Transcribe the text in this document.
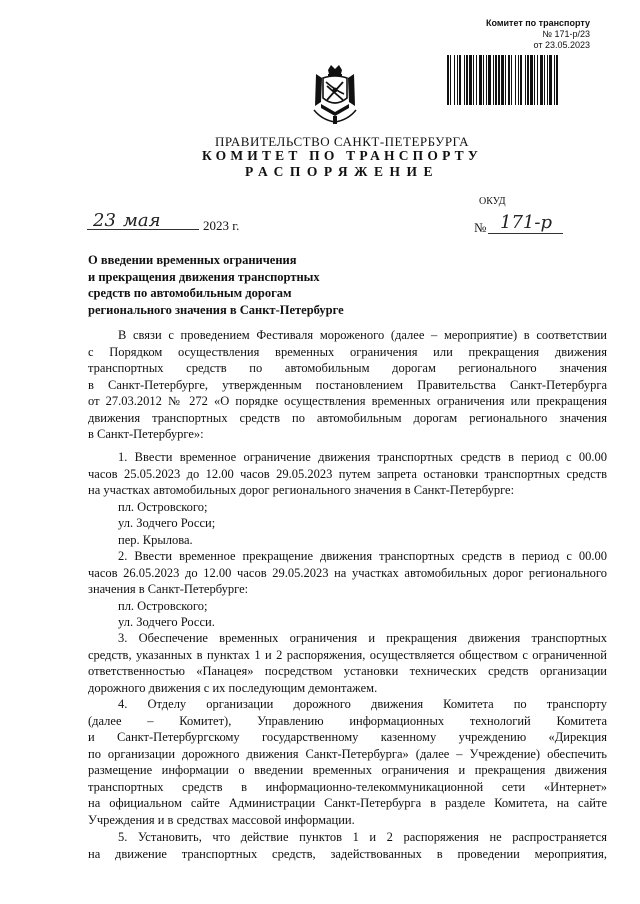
Комитет по транспорту
№ 171-р/23
от 23.05.2023
ПРАВИТЕЛЬСТВО САНКТ-ПЕТЕРБУРГА
КОМИТЕТ ПО ТРАНСПОРТУ
РАСПОРЯЖЕНИЕ
ОКУД
23 мая	2023 г.	№ 171-р
О введении временных ограничения
и прекращения движения транспортных
средств по автомобильным дорогам
регионального значения в Санкт-Петербурге
В связи с проведением Фестиваля мороженого (далее – мероприятие) в соответствии
с Порядком осуществления временных ограничения или прекращения движения
транспортных средств по автомобильным дорогам регионального значения
в Санкт-Петербурге, утвержденным постановлением Правительства Санкт-Петербурга
от 27.03.2012 № 272 «О порядке осуществления временных ограничения или прекращения
движения транспортных средств по автомобильным дорогам регионального значения
в Санкт-Петербурге»:
1. Ввести временное ограничение движения транспортных средств в период с 00.00
часов 25.05.2023 до 12.00 часов 29.05.2023 путем запрета остановки транспортных средств
на участках автомобильных дорог регионального значения в Санкт-Петербурге:
пл. Островского;
ул. Зодчего Росси;
пер. Крылова.
2. Ввести временное прекращение движения транспортных средств в период с 00.00
часов 26.05.2023 до 12.00 часов 29.05.2023 на участках автомобильных дорог регионального
значения в Санкт-Петербурге:
пл. Островского;
ул. Зодчего Росси.
3. Обеспечение временных ограничения и прекращения движения транспортных
средств, указанных в пунктах 1 и 2 распоряжения, осуществляется обществом с ограниченной
ответственностью «Панацея» посредством установки технических средств организации
дорожного движения с их последующим демонтажем.
4. Отделу организации дорожного движения Комитета по транспорту
(далее – Комитет), Управлению информационных технологий Комитета
и Санкт-Петербургскому государственному казенному учреждению «Дирекция
по организации дорожного движения Санкт-Петербурга» (далее – Учреждение) обеспечить
размещение информации о введении временных ограничения и прекращения движения
транспортных средств в информационно-телекоммуникационной сети «Интернет»
на официальном сайте Администрации Санкт-Петербурга в разделе Комитета, на сайте
Учреждения и в средствах массовой информации.
5. Установить, что действие пунктов 1 и 2 распоряжения не распространяется
на движение транспортных средств, задействованных в проведении мероприятия,
